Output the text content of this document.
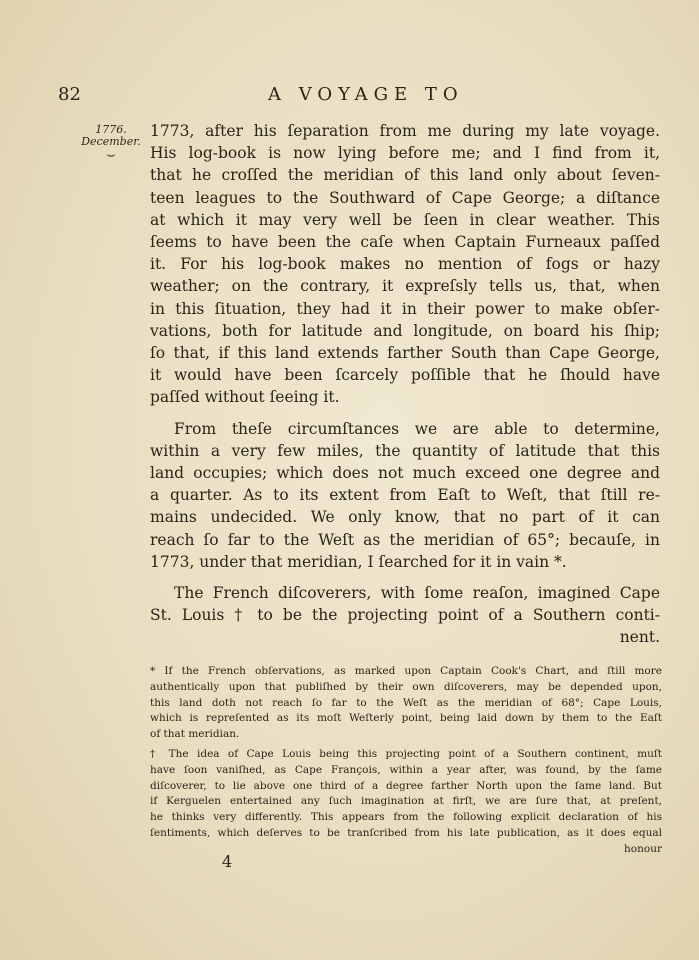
82	A VOYAGE TO
1776.
December.
⌣

1773, after his ſeparation from me during my late voyage.
His log-book is now lying before me; and I find from it,
that he croſſed the meridian of this land only about ſeven-
teen leagues to the Southward of Cape George; a diſtance
at which it may very well be ſeen in clear weather. This
ſeems to have been the caſe when Captain Furneaux paſſed
it. For his log-book makes no mention of fogs or hazy
weather; on the contrary, it expreſsly tells us, that, when
in this ſituation, they had it in their power to make obſer-
vations, both for latitude and longitude, on board his ſhip;
ſo that, if this land extends farther South than Cape George,
it would have been ſcarcely poſſible that he ſhould have
paſſed without ſeeing it.

From theſe circumſtances we are able to determine,
within a very few miles, the quantity of latitude that this
land occupies; which does not much exceed one degree and
a quarter. As to its extent from Eaſt to Weſt, that ſtill re-
mains undecided. We only know, that no part of it can
reach ſo far to the Weſt as the meridian of 65°; becauſe, in
1773, under that meridian, I ſearched for it in vain *.

The French diſcoverers, with ſome reaſon, imagined Cape
St. Louis † to be the projecting point of a Southern conti-
nent.

* If the French obſervations, as marked upon Captain Cook's Chart, and ſtill more
authentically upon that publiſhed by their own diſcoverers, may be depended upon,
this land doth not reach ſo far to the Weſt as the meridian of 68°; Cape Louis,
which is repreſented as its moſt Weſterly point, being laid down by them to the Eaſt
of that meridian.

† The idea of Cape Louis being this projecting point of a Southern continent, muſt
have ſoon vaniſhed, as Cape François, within a year after, was found, by the ſame
diſcoverer, to lie above one third of a degree farther North upon the ſame land. But
if Kerguelen entertained any ſuch imagination at firſt, we are ſure that, at preſent,
he thinks very differently. This appears from the following explicit declaration of his
ſentiments, which deſerves to be tranſcribed from his late publication, as it does equal
honour

4
